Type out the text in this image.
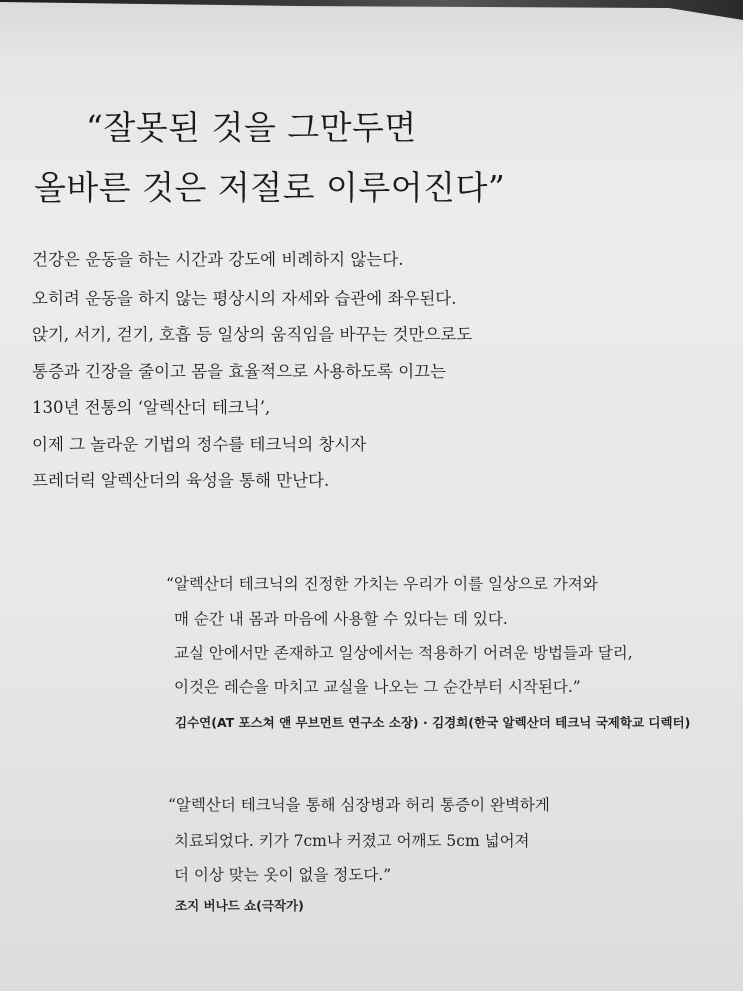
“잘못된 것을 그만두면
올바른 것은 저절로 이루어진다”
건강은 운동을 하는 시간과 강도에 비례하지 않는다.
오히려 운동을 하지 않는 평상시의 자세와 습관에 좌우된다.
앉기, 서기, 걷기, 호흡 등 일상의 움직임을 바꾸는 것만으로도
통증과 긴장을 줄이고 몸을 효율적으로 사용하도록 이끄는
130년 전통의 ‘알렉산더 테크닉’,
이제 그 놀라운 기법의 정수를 테크닉의 창시자
프레더릭 알렉산더의 육성을 통해 만난다.
“알렉산더 테크닉의 진정한 가치는 우리가 이를 일상으로 가져와
매 순간 내 몸과 마음에 사용할 수 있다는 데 있다.
교실 안에서만 존재하고 일상에서는 적용하기 어려운 방법들과 달리,
이것은 레슨을 마치고 교실을 나오는 그 순간부터 시작된다.”
김수연(AT 포스쳐 앤 무브먼트 연구소 소장) · 김경희(한국 알렉산더 테크닉 국제학교 디렉터)
“알렉산더 테크닉을 통해 심장병과 허리 통증이 완벽하게
치료되었다. 키가 7cm나 커졌고 어깨도 5cm 넓어져
더 이상 맞는 옷이 없을 정도다.”
조지 버나드 쇼(극작가)
